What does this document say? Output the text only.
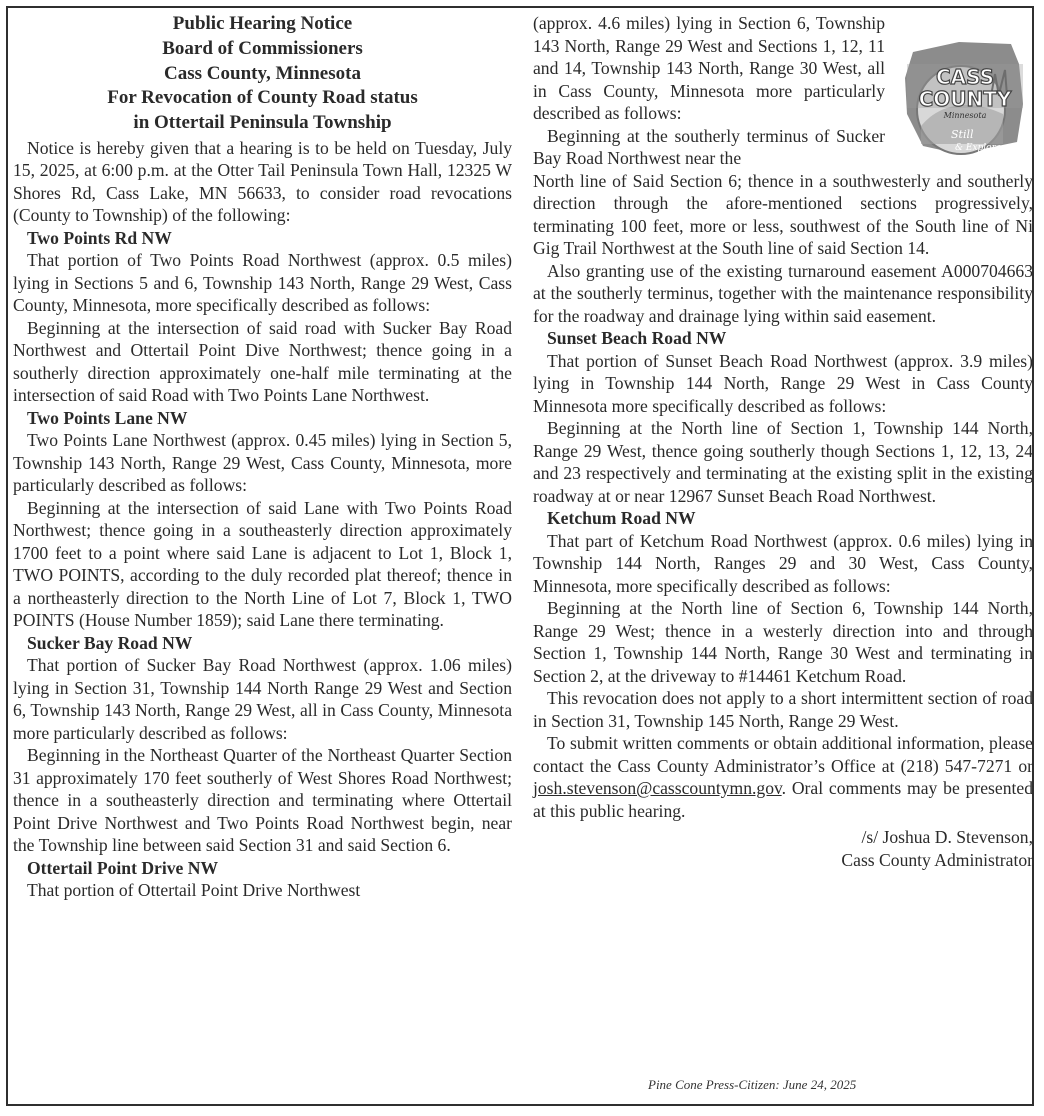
Public Hearing Notice
Board of Commissioners
Cass County, Minnesota
For Revocation of County Road status
in Ottertail Peninsula Township

Notice is hereby given that a hearing is to be held on Tuesday, July 15, 2025, at 6:00 p.m. at the Otter Tail Peninsula Town Hall, 12325 W Shores Rd, Cass Lake, MN 56633, to consider road revocations (County to Township) of the following:

Two Points Rd NW

That portion of Two Points Road Northwest (approx. 0.5 miles) lying in Sections 5 and 6, Township 143 North, Range 29 West, Cass County, Minnesota, more specifically described as follows:

Beginning at the intersection of said road with Sucker Bay Road Northwest and Ottertail Point Dive Northwest; thence going in a southerly direction approximately one-half mile terminating at the intersection of said Road with Two Points Lane Northwest.

Two Points Lane NW

Two Points Lane Northwest (approx. 0.45 miles) lying in Section 5, Township 143 North, Range 29 West, Cass County, Minnesota, more particularly described as follows:

Beginning at the intersection of said Lane with Two Points Road Northwest; thence going in a southeasterly direction approximately 1700 feet to a point where said Lane is adjacent to Lot 1, Block 1, TWO POINTS, according to the duly recorded plat thereof; thence in a northeasterly direction to the North Line of Lot 7, Block 1, TWO POINTS (House Number 1859); said Lane there terminating.

Sucker Bay Road NW

That portion of Sucker Bay Road Northwest (approx. 1.06 miles) lying in Section 31, Township 144 North Range 29 West and Section 6, Township 143 North, Range 29 West, all in Cass County, Minnesota more particularly described as follows:

Beginning in the Northeast Quarter of the Northeast Quarter Section 31 approximately 170 feet southerly of West Shores Road Northwest; thence in a southeasterly direction and terminating where Ottertail Point Drive Northwest and Two Points Road Northwest begin, near the Township line between said Section 31 and said Section 6.

Ottertail Point Drive NW

That portion of Ottertail Point Drive Northwest

CASS
COUNTY
Minnesota
Still
& Explore

(approx. 4.6 miles) lying in Section 6, Township 143 North, Range 29 West and Sections 1, 12, 11 and 14, Township 143 North, Range 30 West, all in Cass County, Minnesota more particularly described as follows:

Beginning at the southerly terminus of Sucker Bay Road Northwest near the

North line of Said Section 6; thence in a southwesterly and southerly direction through the afore-mentioned sections progressively, terminating 100 feet, more or less, southwest of the South line of Ni Gig Trail Northwest at the South line of said Section 14.

Also granting use of the existing turnaround easement A000704663 at the southerly terminus, together with the maintenance responsibility for the roadway and drainage lying within said easement.

Sunset Beach Road NW

That portion of Sunset Beach Road Northwest (approx. 3.9 miles) lying in Township 144 North, Range 29 West in Cass County Minnesota more specifically described as follows:

Beginning at the North line of Section 1, Township 144 North, Range 29 West, thence going southerly though Sections 1, 12, 13, 24 and 23 respectively and terminating at the existing split in the existing roadway at or near 12967 Sunset Beach Road Northwest.

Ketchum Road NW

That part of Ketchum Road Northwest (approx. 0.6 miles) lying in Township 144 North, Ranges 29 and 30 West, Cass County, Minnesota, more specifically described as follows:

Beginning at the North line of Section 6, Township 144 North, Range 29 West; thence in a westerly direction into and through Section 1, Township 144 North, Range 30 West and terminating in Section 2, at the driveway to #14461 Ketchum Road.

This revocation does not apply to a short intermittent section of road in Section 31, Township 145 North, Range 29 West.

To submit written comments or obtain additional information, please contact the Cass County Administrator’s Office at (218) 547-7271 or josh.stevenson@casscountymn.gov. Oral comments may be presented at this public hearing.

/s/ Joshua D. Stevenson,
Cass County Administrator
Pine Cone Press-Citizen: June 24, 2025
